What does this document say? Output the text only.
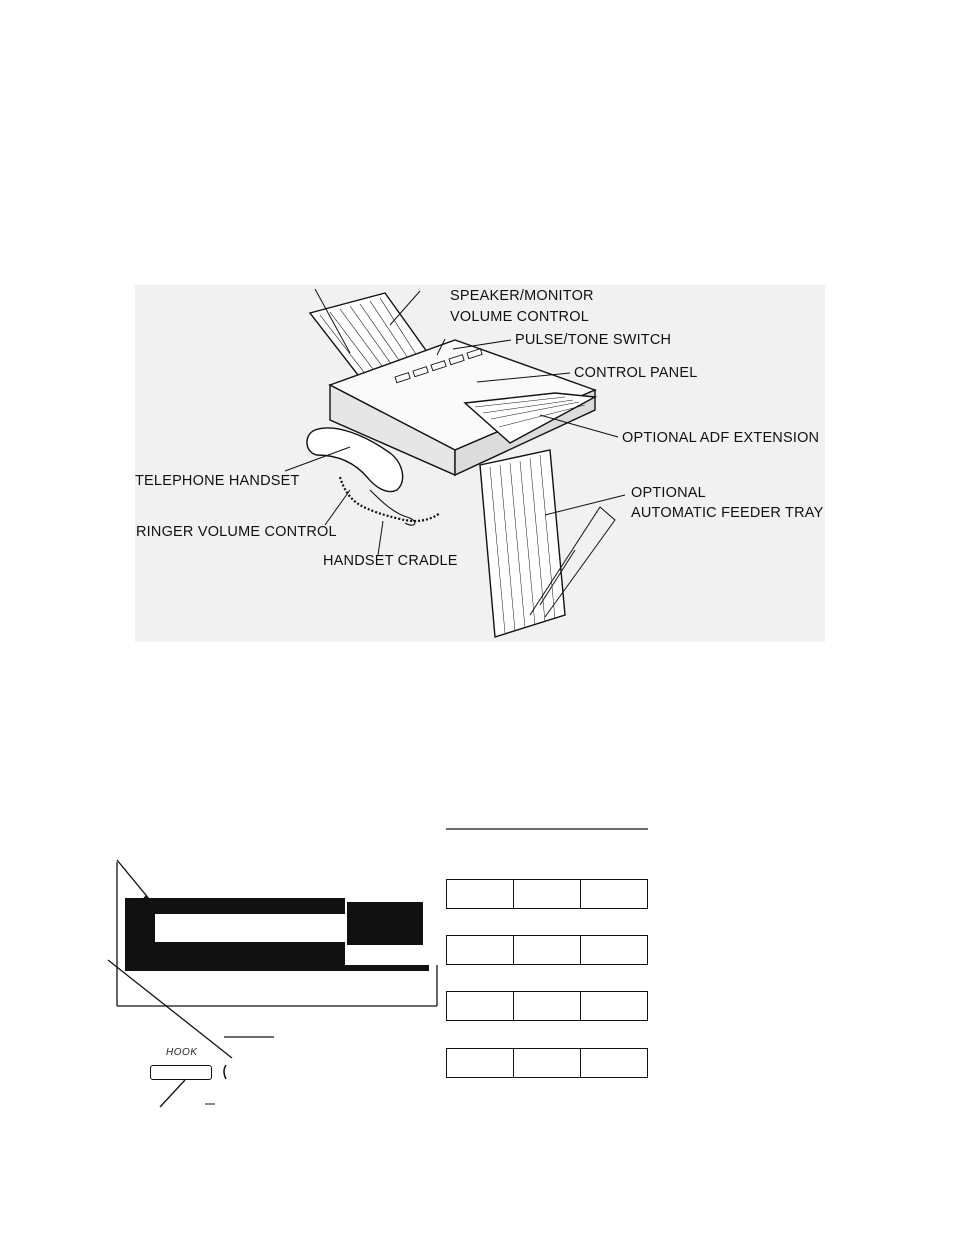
SPEAKER/MONITOR
VOLUME CONTROL
PULSE/TONE SWITCH
CONTROL PANEL
OPTIONAL ADF EXTENSION
TELEPHONE HANDSET
OPTIONAL
AUTOMATIC FEEDER TRAY
RINGER VOLUME CONTROL
HANDSET CRADLE
HOOK
